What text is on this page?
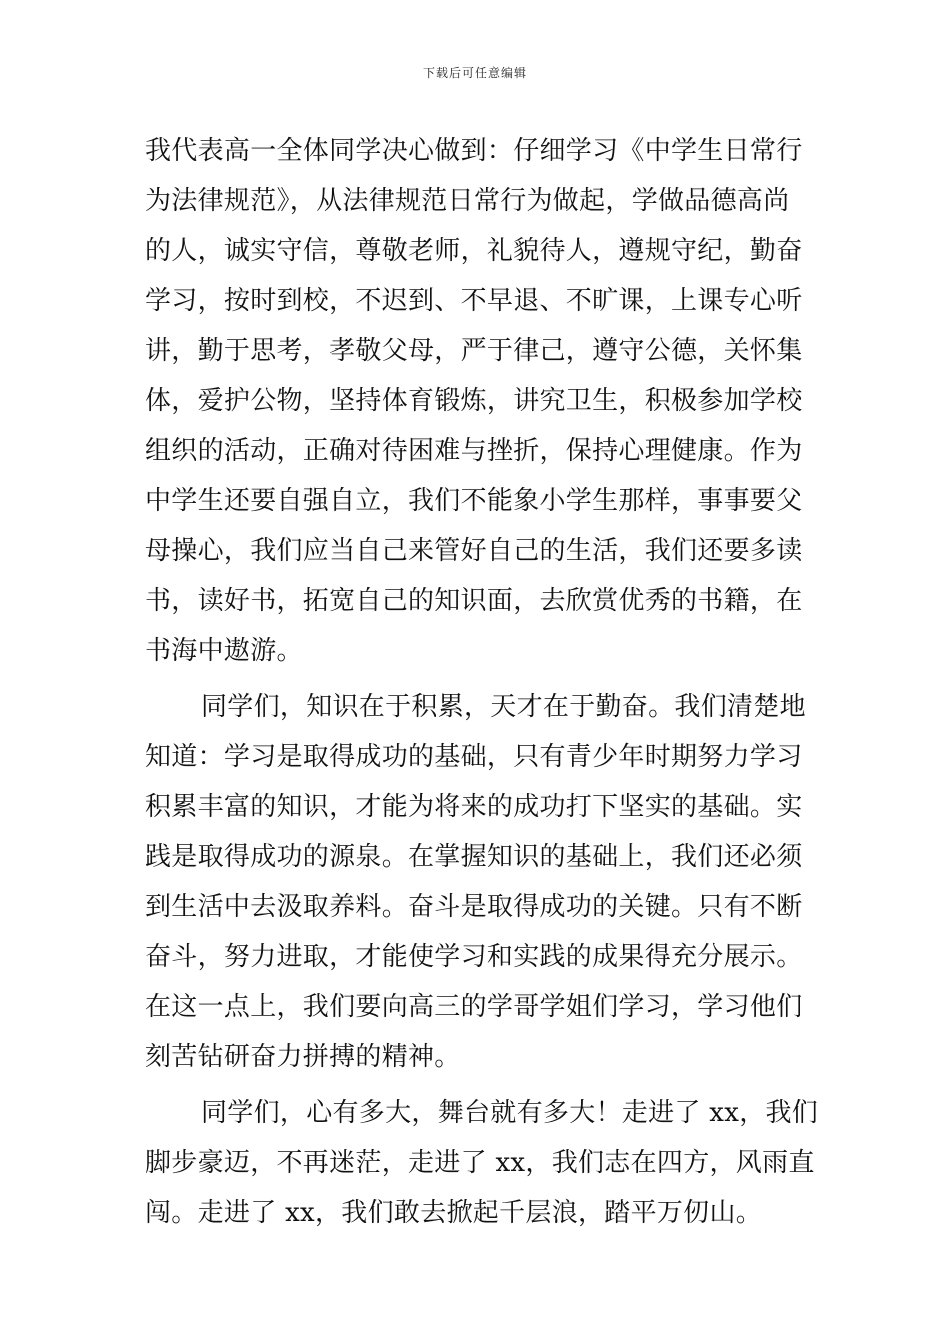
下载后可任意编辑
我代表高一全体同学决心做到：仔细学习《中学生日常行
为法律规范》，从法律规范日常行为做起，学做品德高尚
的人，诚实守信，尊敬老师，礼貌待人，遵规守纪，勤奋
学习，按时到校，不迟到、不早退、不旷课，上课专心听
讲，勤于思考，孝敬父母，严于律己，遵守公德，关怀集
体，爱护公物，坚持体育锻炼，讲究卫生，积极参加学校
组织的活动，正确对待困难与挫折，保持心理健康。作为
中学生还要自强自立，我们不能象小学生那样，事事要父
母操心，我们应当自己来管好自己的生活，我们还要多读
书，读好书，拓宽自己的知识面，去欣赏优秀的书籍，在
书海中遨游。
同学们，知识在于积累，天才在于勤奋。我们清楚地
知道：学习是取得成功的基础，只有青少年时期努力学习
积累丰富的知识，才能为将来的成功打下坚实的基础。实
践是取得成功的源泉。在掌握知识的基础上，我们还必须
到生活中去汲取养料。奋斗是取得成功的关键。只有不断
奋斗，努力进取，才能使学习和实践的成果得充分展示。
在这一点上，我们要向高三的学哥学姐们学习，学习他们
刻苦钻研奋力拼搏的精神。
同学们，心有多大，舞台就有多大！走进了 xx，我们
脚步豪迈，不再迷茫，走进了 xx，我们志在四方，风雨直
闯。走进了 xx，我们敢去掀起千层浪，踏平万仞山。
